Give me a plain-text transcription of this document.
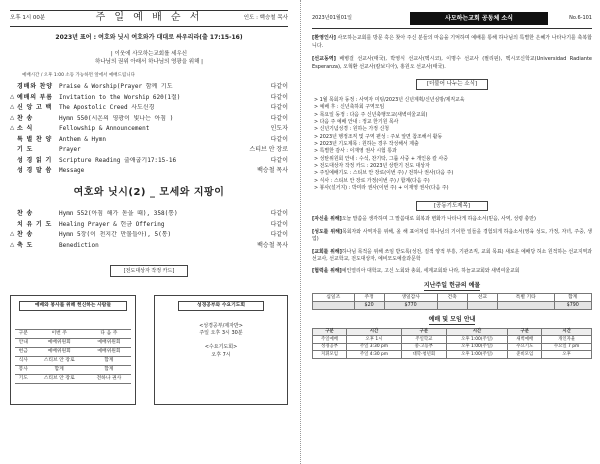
오후 1시 00분	주 일 예 배 순 서	인도 : 백승철 목사
2023년 표어 : 여호와 닛시 여호와가 대대로 싸우리라(출 17:15-16)
| 이웃에 사모하는교회를 세우신
하나님의 권위 아래서 하나님의 영광을 위해 |
예배시간 / 오후 1:00 소등 가능하면 앞에서 예배드립니다
경배와 찬양	Praise & Worship(Prayer 함께 기도	다같이
△ 예배의 부름	Invitation to the Worship 620(1절)	다같이
△ 신 앙 고 백	The Apostolic Creed 사도신경	다같이
△ 찬 송	Hymn 550(시온의 영광이 빛나는 아침 )	다같이
△ 소 식	Fellowship & Announcement	인도자
특 별 찬 양	Anthem & Hymn	다같이
기 도	Prayer	스티브 안 장로
성 경 읽 기	Scripture Reading 출애굽기17:15-16	다같이
성 경 말 씀	Message	백승철 목사
여호와 닛시(2) _ 모세와 지팡이
찬 송	Hymn 552(아침 해가 돋을 때), 358(통)	다같이
치 유 기 도	Healing Prayer & 헌금 Offering	다같이
△ 찬 송	Hymn 5장(이 천지간 만물들아), 5(통)	다같이
△ 축 도	Benediction	백승철 목사
[전도대상자 작정 카드]
예배와 봉사를 위해 헌신하는 사람들
구분	이번 주	다 음 주
안내	예배위원회	예배위원회
헌금	예배위원회	예배위원회
식사	스티브 안 장로	합계
봉사	합계	합계
기도	스티브 안 장로	전하나 권사
성경공부와 수요기도회
<성경공부/제자반>
주일 오후 3시 30분
<수요기도회>
오후 7시
2023년01월01일	사모하는교회 공동체 소식	No.6-101
[환영인사] 사모하는교회를 방문 혹은 찾아 주신 분들의 마음을 기억하며 예배를 통해 하나님의 특별한 은혜가 나타나기를 축복합니다.
[선교동역] 배병걸 선교사(태국), 박영식 선교사(멕시코), 이명수 선교사 (필리핀), 멕시코신학교(Universidad Radiante Esperanza), 오혁환 선교사(칼보디아), 홍원오 선교사(태국).
[더불어 나누는 소식]
> 1월 목회자 동정 : 사역자 미팅/2023년 신년계획/신년심방/제직교육
> 예배 후 : 신년축하회 구역모임
> 목요일 동정 : 다음 주 신년축행모교(새벽여울교회)
> 다음 주 예배 안내 : 정교 한기원 목사
> 신년기념성경 : 원하는 가정 신청
> 2023년 행정조직 및 구역 편성 : 주보 앞면 참조해서 활동
> 2023년 기도제목 : 원하는 경우 작성해서 제출
> 특별한 감사 : 이재영 권사 시험 통과
> 성탄위원회 안내 : 수석, 찬기탁, 그룹 사중 + 개인용 칼 사중
> 전도대상자 작정 카드 : 2023년 상반기 전도 대상자
> 주일예배기도 : 스티브 안 장로(이번 주) / 전하나 권사(다음 주)
> 식사 : 스티브 안 장로 가정(이번 주) / 합계(다음 주)
> 봉사(설거지) : 박미라 권사(이번 주) + 이재영 권사(다음 주)
[공동기도제목]
[자신을 위해]오늘 말씀을 생각하며 그 말씀대로 회복과 변화가 나타나게 하옵소서(믿음, 사역, 성령 충만)
[성도를 위해]목회자와 사역자를 위해, 올 해 표어처럼 하나님의 기이한 일들을 경험되게 하옵소서(영육 성도, 가정, 자녀, 주중, 생업)
[교회를 위해]하나님 목적을 위해 쓰임 받도록(성전, 질적 양적 부흥, 기관조직, 교회 목표) 새로운 예배당 허소 원적하는 선교지역과 선교사, 선교학교, 전도대상자, 예비모도예술과문학
[협력을 위해]예인열리아 대학교, 고신 노회와 총회, 세계교회와 나라, 하늘교교회와 새벽여울교회
지난주일 헌금의 예물
십일조	주정	생일감사	건축	선교	특별 기타	합계
	$20	$770				$790
예배 및 모임 안내
구분	시간	구분	시간	구분	시간
주일예배	오후 1시	주일학교	오후 1:00(주일)	새벽예배	개인자율
성경공부	주일 3:30 pm	중·고등부	오후 1:00(주일)	수요기도	수요일 7 pm
지휘모임	주일 4:30 pm	대학·청년회	오후 1:00(주일)	준비모임	오후
